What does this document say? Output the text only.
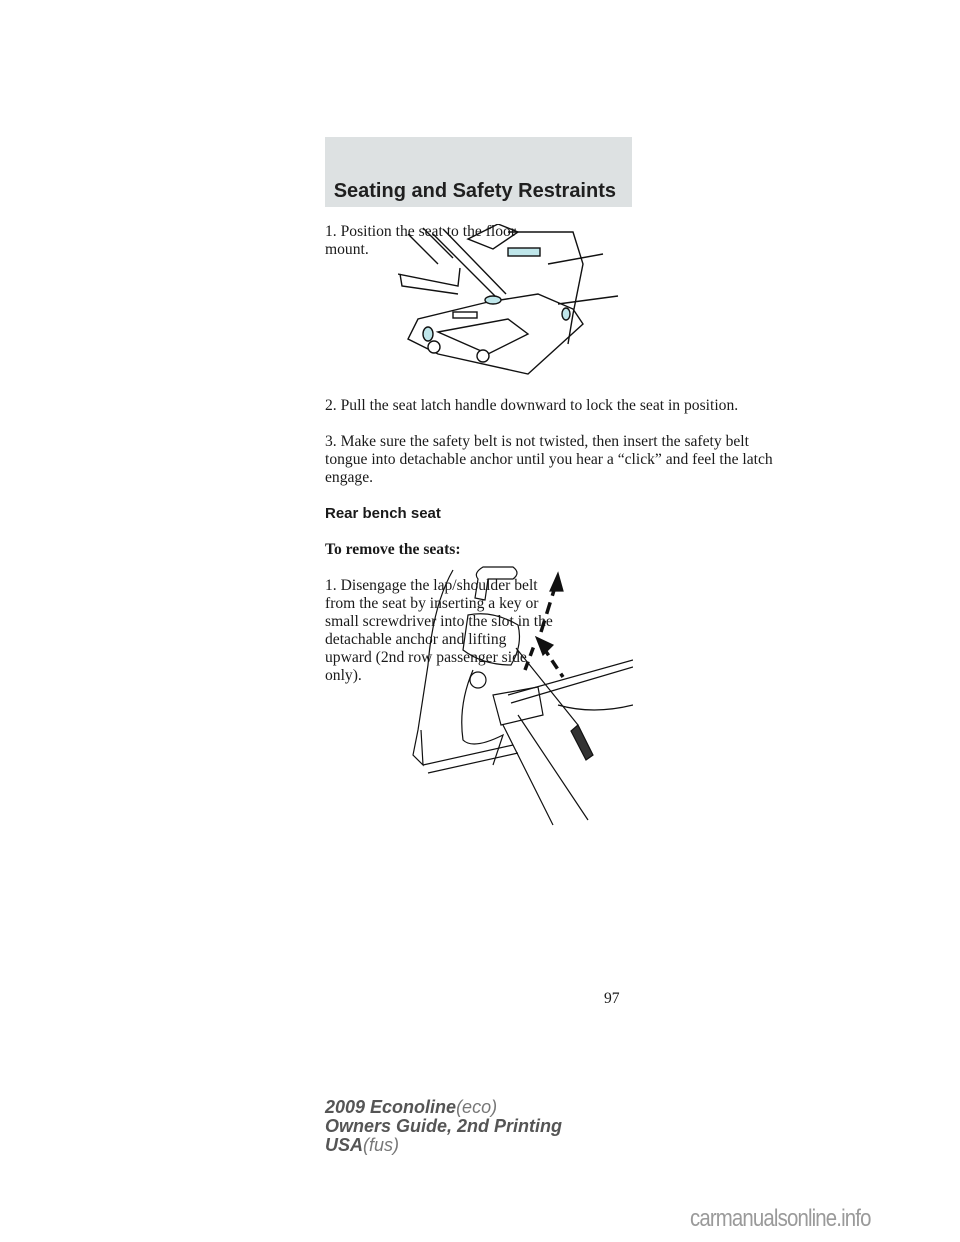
Seating and Safety Restraints
1. Position the seat to the floor
mount.
2. Pull the seat latch handle downward to lock the seat in position.
3. Make sure the safety belt is not twisted, then insert the safety belt
tongue into detachable anchor until you hear a “click” and feel the latch
engage.
Rear bench seat
To remove the seats:
1. Disengage the lap/shoulder belt
from the seat by inserting a key or
small screwdriver into the slot in the
detachable anchor and lifting
upward (2nd row passenger side
only).
97
2009 Econoline(eco)
Owners Guide, 2nd Printing
USA(fus)
carmanualsonline.info
